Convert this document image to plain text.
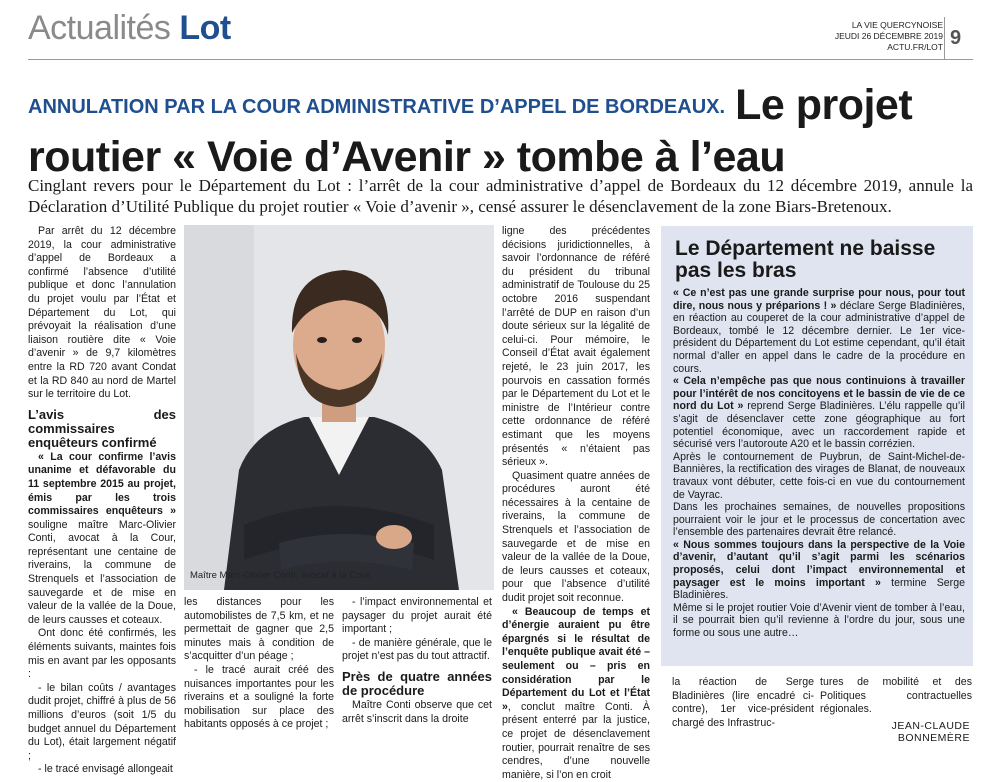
Actualités Lot	LA VIE QUERCYNOISE
JEUDI 26 DÉCEMBRE 2019
ACTU.FR/LOT 9
ANNULATION PAR LA COUR ADMINISTRATIVE D’APPEL DE BORDEAUX. Le projet routier « Voie d’Avenir » tombe à l’eau

Cinglant revers pour le Département du Lot : l’arrêt de la cour administrative d’appel de Bordeaux du 12 décembre 2019, annule la Déclaration d’Utilité Publique du projet routier « Voie d’avenir », censé assurer le désenclavement de la zone Biars-Bretenoux.

Par arrêt du 12 décembre 2019, la cour administrative d’appel de Bordeaux a confirmé l’absence d’utilité publique et donc l’annulation du projet voulu par l’État et Département du Lot, qui prévoyait la réalisation d’une liaison routière dite « Voie d’avenir » de 9,7 kilomètres entre la RD 720 avant Condat et la RD 840 au nord de Martel sur le territoire du Lot.

L’avis des commissaires enquêteurs confirmé

« La cour confirme l’avis unanime et défavorable du 11 septembre 2015 au projet, émis par les trois commissaires enquêteurs » souligne maître Marc-Olivier Conti, avocat à la Cour, représentant une centaine de riverains, la commune de Strenquels et l’association de sauvegarde et de mise en valeur de la vallée de la Doue, de leurs causses et coteaux.

Ont donc été confirmés, les éléments suivants, maintes fois mis en avant par les opposants :

- le bilan coûts / avantages dudit projet, chiffré à plus de 56 millions d’euros (soit 1/5 du budget annuel du Département du Lot), était largement négatif ;

- le tracé envisagé allongeait

Maître Marc-Olivier Conti, avocat à la Cour.

les distances pour les automobilistes de 7,5 km, et ne permettait de gagner que 2,5 minutes mais à condition de s’acquitter d’un péage ;

- le tracé aurait créé des nuisances importantes pour les riverains et a souligné la forte mobilisation sur place des habitants opposés à ce projet ;

- l’impact environnemental et paysager du projet aurait été important ;

- de manière générale, que le projet n’est pas du tout attractif.

Près de quatre années de procédure

Maître Conti observe que cet arrêt s’inscrit dans la droite

ligne des précédentes décisions juridictionnelles, à savoir l’ordonnance de référé du président du tribunal administratif de Toulouse du 25 octobre 2016 suspendant l’arrêté de DUP en raison d’un doute sérieux sur la légalité de celui-ci. Pour mémoire, le Conseil d’État avait également rejeté, le 23 juin 2017, les pourvois en cassation formés par le Département du Lot et le ministre de l’Intérieur contre cette ordonnance de référé estimant que les moyens présentés « n’étaient pas sérieux ».

Quasiment quatre années de procédures auront été nécessaires à la centaine de riverains, la commune de Strenquels et l’association de sauvegarde et de mise en valeur de la vallée de la Doue, de leurs causses et coteaux, pour que l’absence d’utilité dudit projet soit reconnue.

« Beaucoup de temps et d’énergie auraient pu être épargnés si le résultat de l’enquête publique avait été – seulement ou – pris en considération par le Département du Lot et l’État », conclut maître Conti. À présent enterré par la justice, ce projet de désenclavement routier, pourrait renaître de ses cendres, d’une nouvelle manière, si l’on en croit

Le Département ne baisse pas les bras

« Ce n’est pas une grande surprise pour nous, pour tout dire, nous nous y préparions ! » déclare Serge Bladinières, en réaction au couperet de la cour administrative d’appel de Bordeaux, tombé le 12 décembre dernier. Le 1er vice-président du Département du Lot estime cependant, qu’il était normal d’aller en appel dans le cadre de la procédure en cours.

« Cela n’empêche pas que nous continuions à travailler pour l’intérêt de nos concitoyens et le bassin de vie de ce nord du Lot » reprend Serge Bladinières. L’élu rappelle qu’il s’agit de désenclaver cette zone géographique au fort potentiel économique, avec un raccordement rapide et sécurisé vers l’autoroute A20 et le bassin corrézien.

Après le contournement de Puybrun, de Saint-Michel-de-Bannières, la rectification des virages de Blanat, de nouveaux travaux vont débuter, cette fois-ci en vue du contournement de Vayrac.

Dans les prochaines semaines, de nouvelles propositions pourraient voir le jour et le processus de concertation avec l’ensemble des partenaires devrait être relancé.

« Nous sommes toujours dans la perspective de la Voie d’avenir, d’autant qu’il s’agit parmi les scénarios proposés, celui dont l’impact environnemental et paysager est le moins important » termine Serge Bladinières.

Même si le projet routier Voie d’Avenir vient de tomber à l’eau, il se pourrait bien qu’il revienne à l’ordre du jour, sous une forme ou sous une autre…

la réaction de Serge Bladinières (lire encadré ci-contre), 1er vice-président chargé des Infrastruc-

tures de mobilité et des Politiques contractuelles régionales.

JEAN-CLAUDE BONNEMÈRE
